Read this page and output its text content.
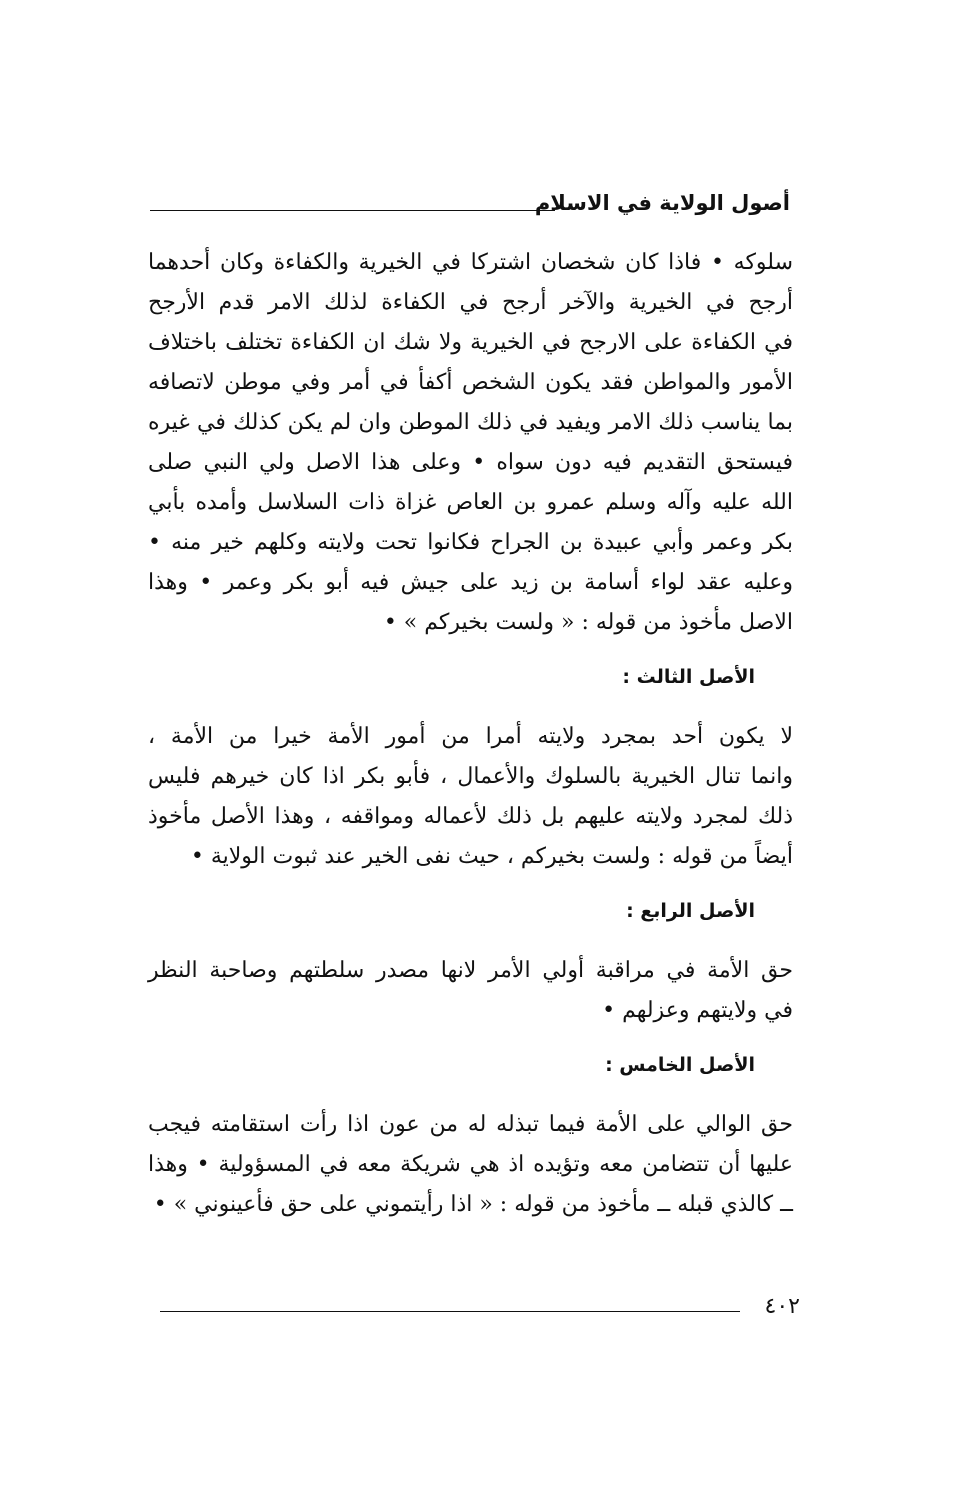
أصول الولاية في الاسلام
سلوكه • فاذا كان شخصان اشتركا في الخيرية والكفاءة وكان أحدهما
أرجح في الخيرية والآخر أرجح في الكفاءة لذلك الامر قدم الأرجح
في الكفاءة على الارجح في الخيرية ولا شك ان الكفاءة تختلف باختلاف
الأمور والمواطن فقد يكون الشخص أكفأ في أمر وفي موطن لاتصافه
بما يناسب ذلك الامر ويفيد في ذلك الموطن وان لم يكن كذلك في غيره
فيستحق التقديم فيه دون سواه • وعلى هذا الاصل ولي النبي صلى
الله عليه وآله وسلم عمرو بن العاص غزاة ذات السلاسل وأمده بأبي
بكر وعمر وأبي عبيدة بن الجراح فكانوا تحت ولايته وكلهم خير منه •
وعليه عقد لواء أسامة بن زيد على جيش فيه أبو بكر وعمر • وهذا
الاصل مأخوذ من قوله : « ولست بخيركم » •
الأصل الثالث :
لا يكون أحد بمجرد ولايته أمرا من أمور الأمة خيرا من الأمة ،
وانما تنال الخيرية بالسلوك والأعمال ، فأبو بكر اذا كان خيرهم فليس
ذلك لمجرد ولايته عليهم بل ذلك لأعماله ومواقفه ، وهذا الأصل مأخوذ
أيضاً من قوله : ولست بخيركم ، حيث نفى الخير عند ثبوت الولاية •
الأصل الرابع :
حق الأمة في مراقبة أولي الأمر لانها مصدر سلطتهم وصاحبة النظر
في ولايتهم وعزلهم •
الأصل الخامس :
حق الوالي على الأمة فيما تبذله له من عون اذا رأت استقامته فيجب
عليها أن تتضامن معه وتؤيده اذ هي شريكة معه في المسؤولية • وهذا
ــ كالذي قبله ــ مأخوذ من قوله : « اذا رأيتموني على حق فأعينوني » •
٤٠٢
